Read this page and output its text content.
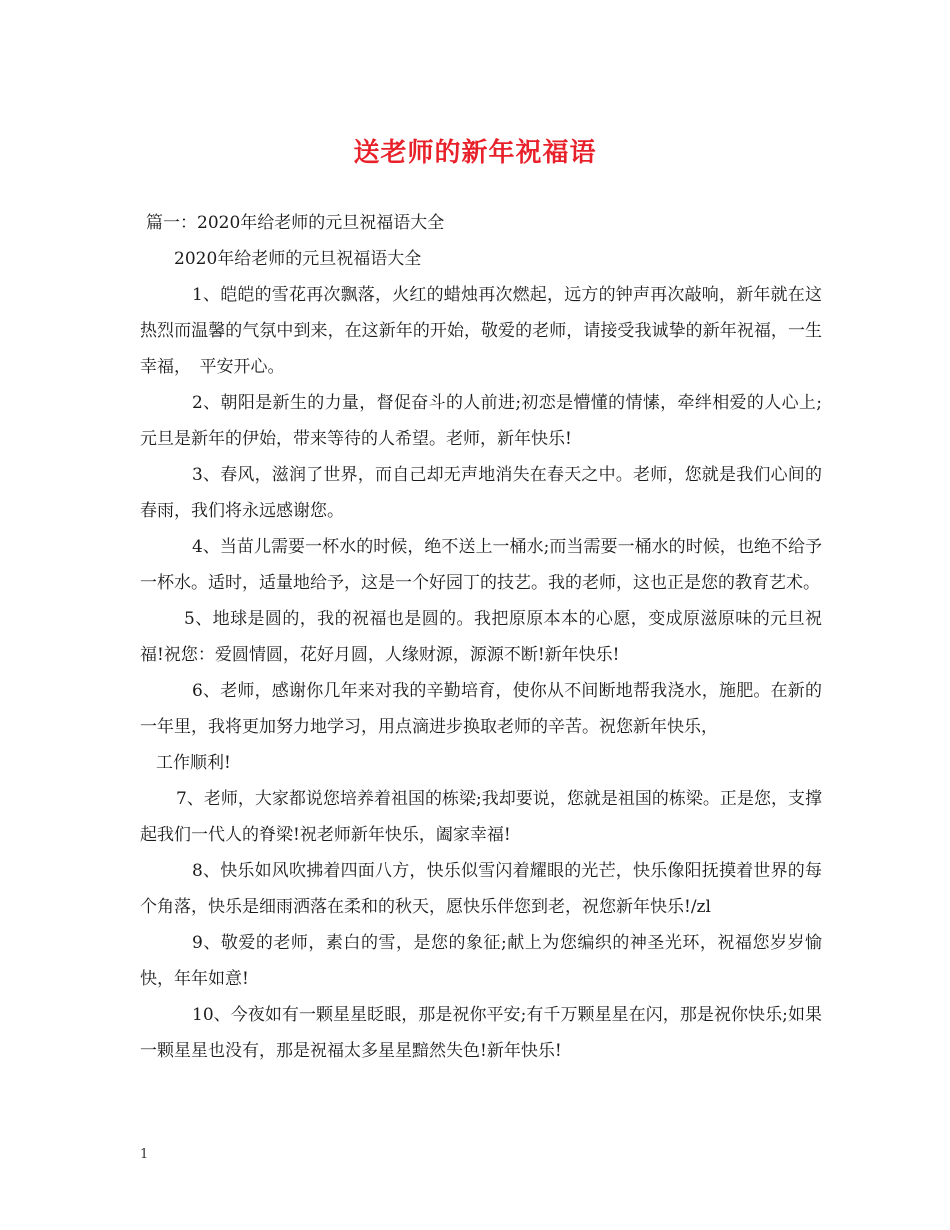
送老师的新年祝福语

篇一：2020年给老师的元旦祝福语大全

2020年给老师的元旦祝福语大全

1、皑皑的雪花再次飘落，火红的蜡烛再次燃起，远方的钟声再次敲响，新年就在这热烈而温馨的气氛中到来，在这新年的开始，敬爱的老师，请接受我诚挚的新年祝福，一生幸福，　平安开心。

2、朝阳是新生的力量，督促奋斗的人前进;初恋是懵懂的情愫，牵绊相爱的人心上;元旦是新年的伊始，带来等待的人希望。老师，新年快乐!

3、春风，滋润了世界，而自己却无声地消失在春天之中。老师，您就是我们心间的春雨，我们将永远感谢您。

4、当苗儿需要一杯水的时候，绝不送上一桶水;而当需要一桶水的时候，也绝不给予一杯水。适时，适量地给予，这是一个好园丁的技艺。我的老师，这也正是您的教育艺术。

5、地球是圆的，我的祝福也是圆的。我把原原本本的心愿，变成原滋原味的元旦祝福!祝您：爱圆情圆，花好月圆，人缘财源，源源不断!新年快乐!

6、老师，感谢你几年来对我的辛勤培育，使你从不间断地帮我浇水，施肥。在新的一年里，我将更加努力地学习，用点滴进步换取老师的辛苦。祝您新年快乐，

工作顺利!

7、老师，大家都说您培养着祖国的栋梁;我却要说，您就是祖国的栋梁。正是您，支撑起我们一代人的脊梁!祝老师新年快乐，阖家幸福!

8、快乐如风吹拂着四面八方，快乐似雪闪着耀眼的光芒，快乐像阳抚摸着世界的每个角落，快乐是细雨洒落在柔和的秋天，愿快乐伴您到老，祝您新年快乐!/zl

9、敬爱的老师，素白的雪，是您的象征;献上为您编织的神圣光环，祝福您岁岁愉快，年年如意!

10、今夜如有一颗星星眨眼，那是祝你平安;有千万颗星星在闪，那是祝你快乐;如果一颗星星也没有，那是祝福太多星星黯然失色!新年快乐!

1
